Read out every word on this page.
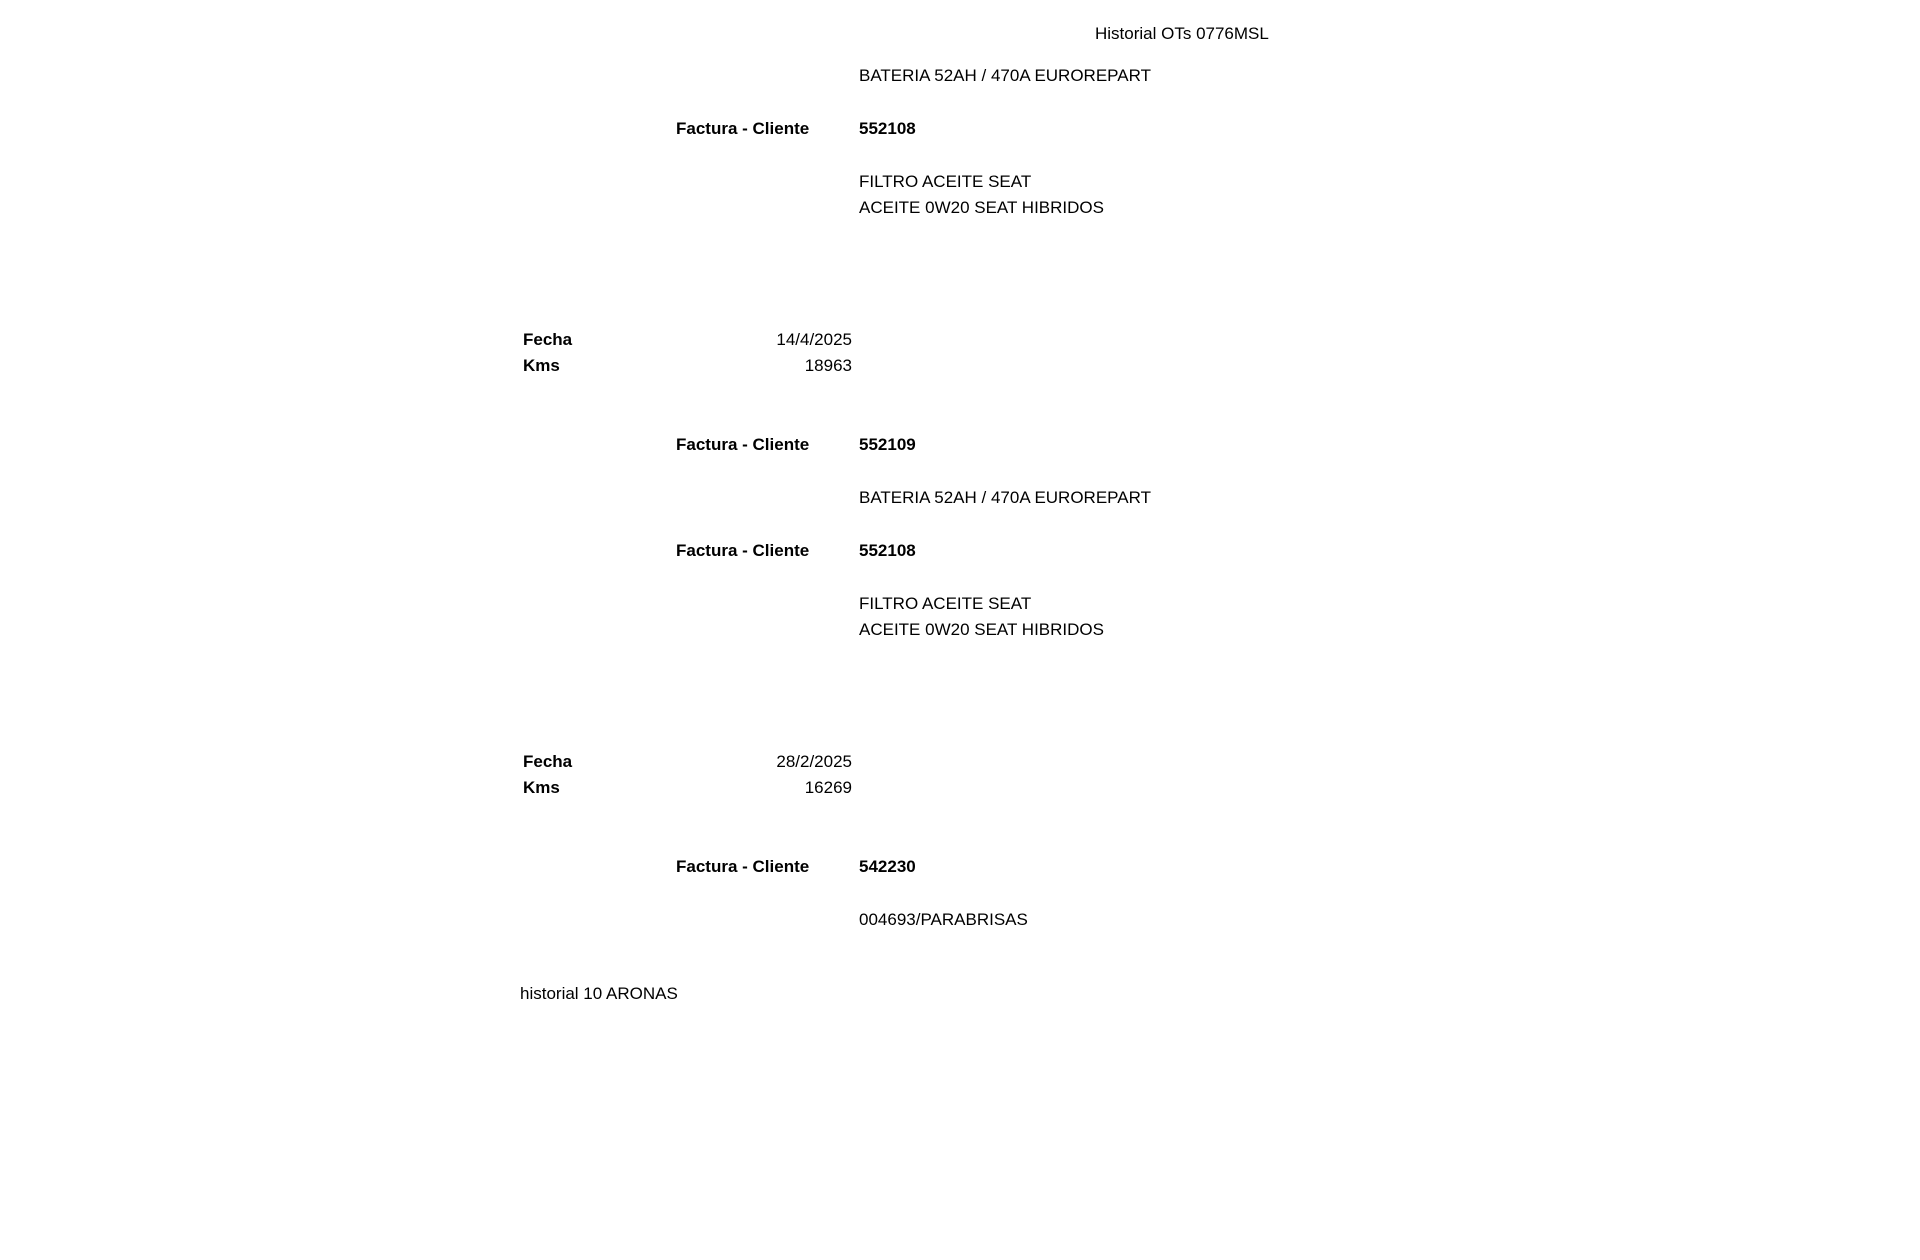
Historial OTs 0776MSL
BATERIA 52AH / 470A EUROREPART
Factura - Cliente	552108
FILTRO ACEITE SEAT
ACEITE 0W20 SEAT HIBRIDOS
Fecha	14/4/2025
Kms	18963
Factura - Cliente	552109
BATERIA 52AH / 470A EUROREPART
Factura - Cliente	552108
FILTRO ACEITE SEAT
ACEITE 0W20 SEAT HIBRIDOS
Fecha	28/2/2025
Kms	16269
Factura - Cliente	542230
004693/PARABRISAS
historial 10 ARONAS
